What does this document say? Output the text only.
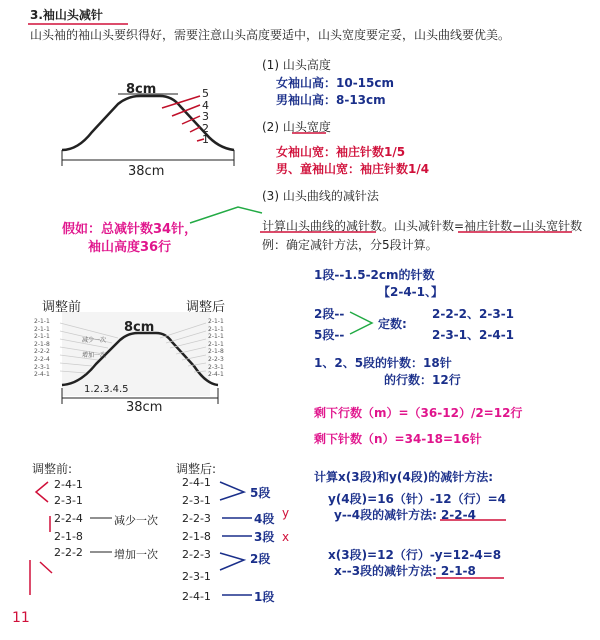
3.袖山头减针
山头袖的袖山头要织得好，需要注意山头高度要适中，山头宽度要定妥，山头曲线要优美。
8cm
38cm
5
4
3
2
1
(1) 山头高度
女袖山高：10-15cm
男袖山高：8-13cm
(2) 山头宽度
女袖山宽：袖庄针数1/5
男、童袖山宽：袖庄针数1/4
(3) 山头曲线的减针法
计算山头曲线的减针数。山头减针数=袖庄针数−山头宽针数
例：确定减针方法，分5段计算。
假如：总减针数34针，
袖山高度36行
调整前	调整后
8cm
38cm
1.2.3.4.5
2-1-1
2-1-1
2-1-1
2-1-8
2-2-2
2-2-4
2-3-1
2-4-1
减少一次
增加一次
2-1-1
2-1-1
2-1-1
2-1-1
2-1-8
2-2-3
2-3-1
2-4-1
1段--1.5-2cm的针数
【2-4-1、】
2段--
5段--
定数:
2-2-2、2-3-1
2-3-1、2-4-1
1、2、5段的针数：18针
的行数：12行
剩下行数（m）=（36-12）/2=12行
剩下针数（n）=34-18=16针
调整前:
2-4-1
2-3-1
2-2-4
2-1-8
2-2-2
减少一次
增加一次
调整后:
2-4-1
2-3-1
2-2-3
2-1-8
2-2-3
2-3-1
2-4-1
5段
4段
3段
2段
1段
y
x
计算x(3段)和y(4段)的减针方法:
y(4段)=16（针）-12（行）=4
y--4段的减针方法: 2-2-4
x(3段)=12（行）-y=12-4=8
x--3段的减针方法: 2-1-8
11
